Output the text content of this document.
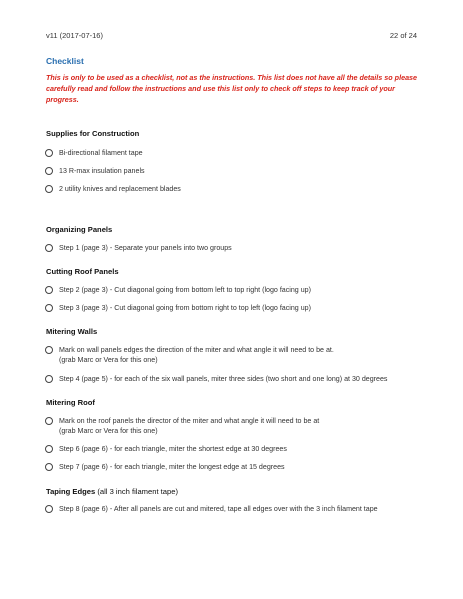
v11 (2017-07-16)	22 of 24
Checklist
This is only to be used as a checklist, not as the instructions. This list does not have all the details so please carefully read and follow the instructions and use this list only to check off steps to keep track of your progress.
Supplies for Construction
Bi-directional filament tape
13 R-max insulation panels
2 utility knives and replacement blades
Organizing Panels
Step 1 (page 3) - Separate your panels into two groups
Cutting Roof Panels
Step 2 (page 3) - Cut diagonal going from bottom left to top right (logo facing up)
Step 3 (page 3) - Cut diagonal going from bottom right to top left (logo facing up)
Mitering Walls
Mark on wall panels edges the direction of the miter and what angle it will need to be at.
(grab Marc or Vera for this one)
Step 4 (page 5) - for each of the six wall panels, miter three sides (two short and one long) at 30 degrees
Mitering Roof
Mark on the roof panels the director of the miter and what angle it will need to be at
(grab Marc or Vera for this one)
Step 6 (page 6) - for each triangle, miter the shortest edge at 30 degrees
Step 7 (page 6) - for each triangle, miter the longest edge at 15 degrees
Taping Edges (all 3 inch filament tape)
Step 8 (page 6) - After all panels are cut and mitered, tape all edges over with the 3 inch filament tape
